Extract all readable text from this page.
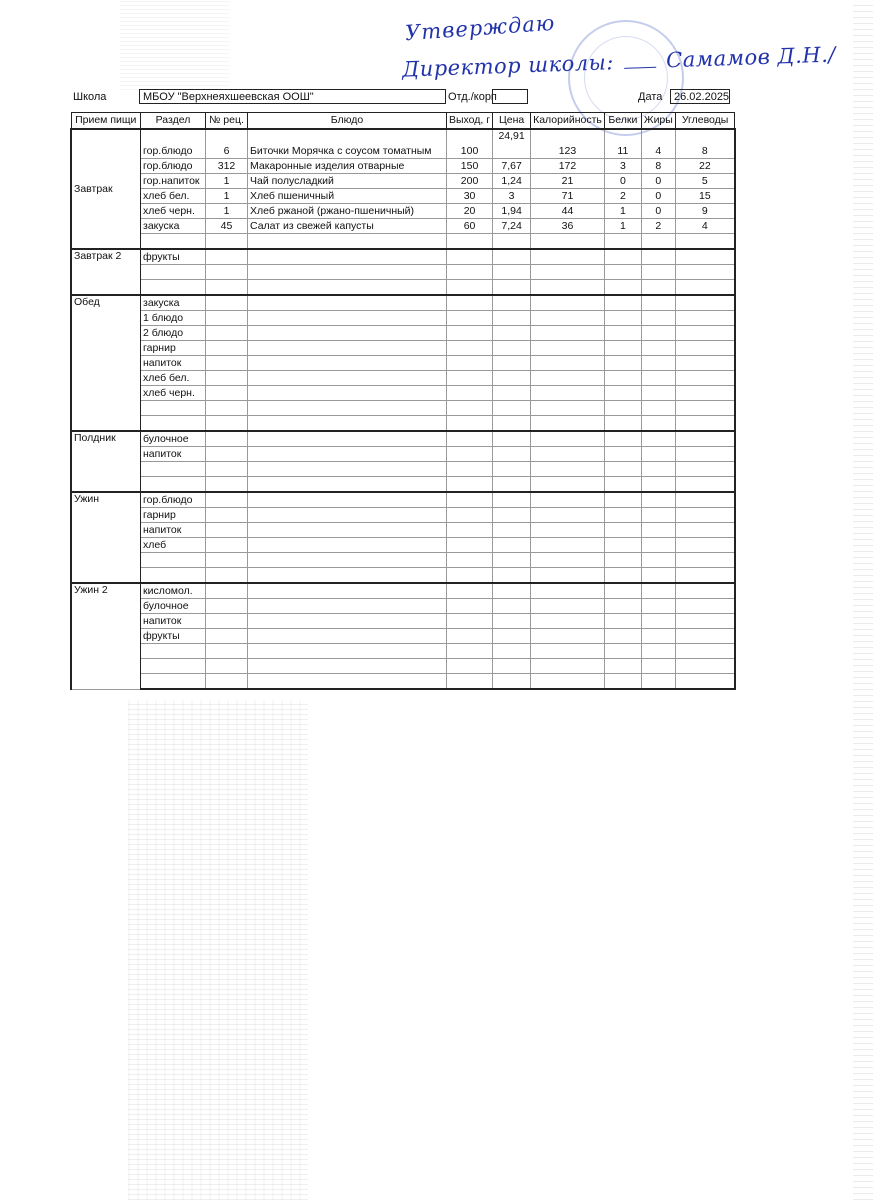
Утверждаю
Директор школы: Самамов Д.Н./
Школа	МБОУ "Верхнеяхшеевская ООШ"	Отд./корп	Дата	26.02.2025
Прием пищи	Раздел	№ рец.	Блюдо	Выход, г	Цена	Калорийность	Белки	Жиры	Углеводы
Завтрак	гор.блюдо	6	Биточки Морячка с соусом томатным	100	24,91	123	11	4	8
	гор.блюдо	312	Макаронные изделия отварные	150	7,67	172	3	8	22
	гор.напиток	1	Чай полусладкий	200	1,24	21	0	0	5
	хлеб бел.	1	Хлеб пшеничный	30	3	71	2	0	15
	хлеб черн.	1	Хлеб ржаной (ржано-пшеничный)	20	1,94	44	1	0	9
	закуска	45	Салат из свежей капусты	60	7,24	36	1	2	4

Завтрак 2	фрукты								

Обед	закуска								
	1 блюдо								
	2 блюдо								
	гарнир								
	напиток								
	хлеб бел.								
	хлеб черн.								

Полдник	булочное								
	напиток								

Ужин	гор.блюдо								
	гарнир								
	напиток								
	хлеб								

Ужин 2	кисломол.								
	булочное								
	напиток								
	фрукты								
